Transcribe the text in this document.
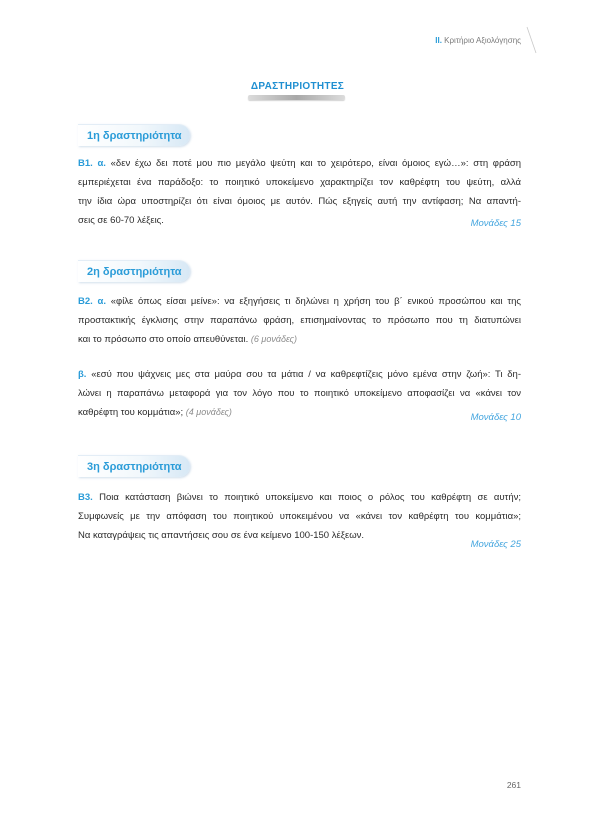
ΙΙ. Κριτήριο Αξιολόγησης
ΔΡΑΣΤΗΡΙΟΤΗΤΕΣ
1η δραστηριότητα
Β1. α. «δεν έχω δει ποτέ μου πιο μεγάλο ψεύτη και το χειρότερο, είναι όμοιος εγώ…»: στη φράση
εμπεριέχεται ένα παράδοξο: το ποιητικό υποκείμενο χαρακτηρίζει τον καθρέφτη του ψεύτη, αλλά
την ίδια ώρα υποστηρίζει ότι είναι όμοιος με αυτόν. Πώς εξηγείς αυτή την αντίφαση; Να απαντή-
σεις σε 60-70 λέξεις.	Μονάδες 15
2η δραστηριότητα
Β2. α. «φίλε όπως είσαι μείνε»: να εξηγήσεις τι δηλώνει η χρήση του β΄ ενικού προσώπου και της
προστακτικής έγκλισης στην παραπάνω φράση, επισημαίνοντας το πρόσωπο που τη διατυπώνει
και το πρόσωπο στο οποίο απευθύνεται. (6 μονάδες)
β. «εσύ που ψάχνεις μες στα μαύρα σου τα μάτια / να καθρεφτίζεις μόνο εμένα στην ζωή»: Τι δη-
λώνει η παραπάνω μεταφορά για τον λόγο που το ποιητικό υποκείμενο αποφασίζει να «κάνει τον
καθρέφτη του κομμάτια»; (4 μονάδες)	Μονάδες 10
3η δραστηριότητα
Β3. Ποια κατάσταση βιώνει το ποιητικό υποκείμενο και ποιος ο ρόλος του καθρέφτη σε αυτήν;
Συμφωνείς με την απόφαση του ποιητικού υποκειμένου να «κάνει τον καθρέφτη του κομμάτια»;
Να καταγράψεις τις απαντήσεις σου σε ένα κείμενο 100-150 λέξεων.
Μονάδες 25
261
